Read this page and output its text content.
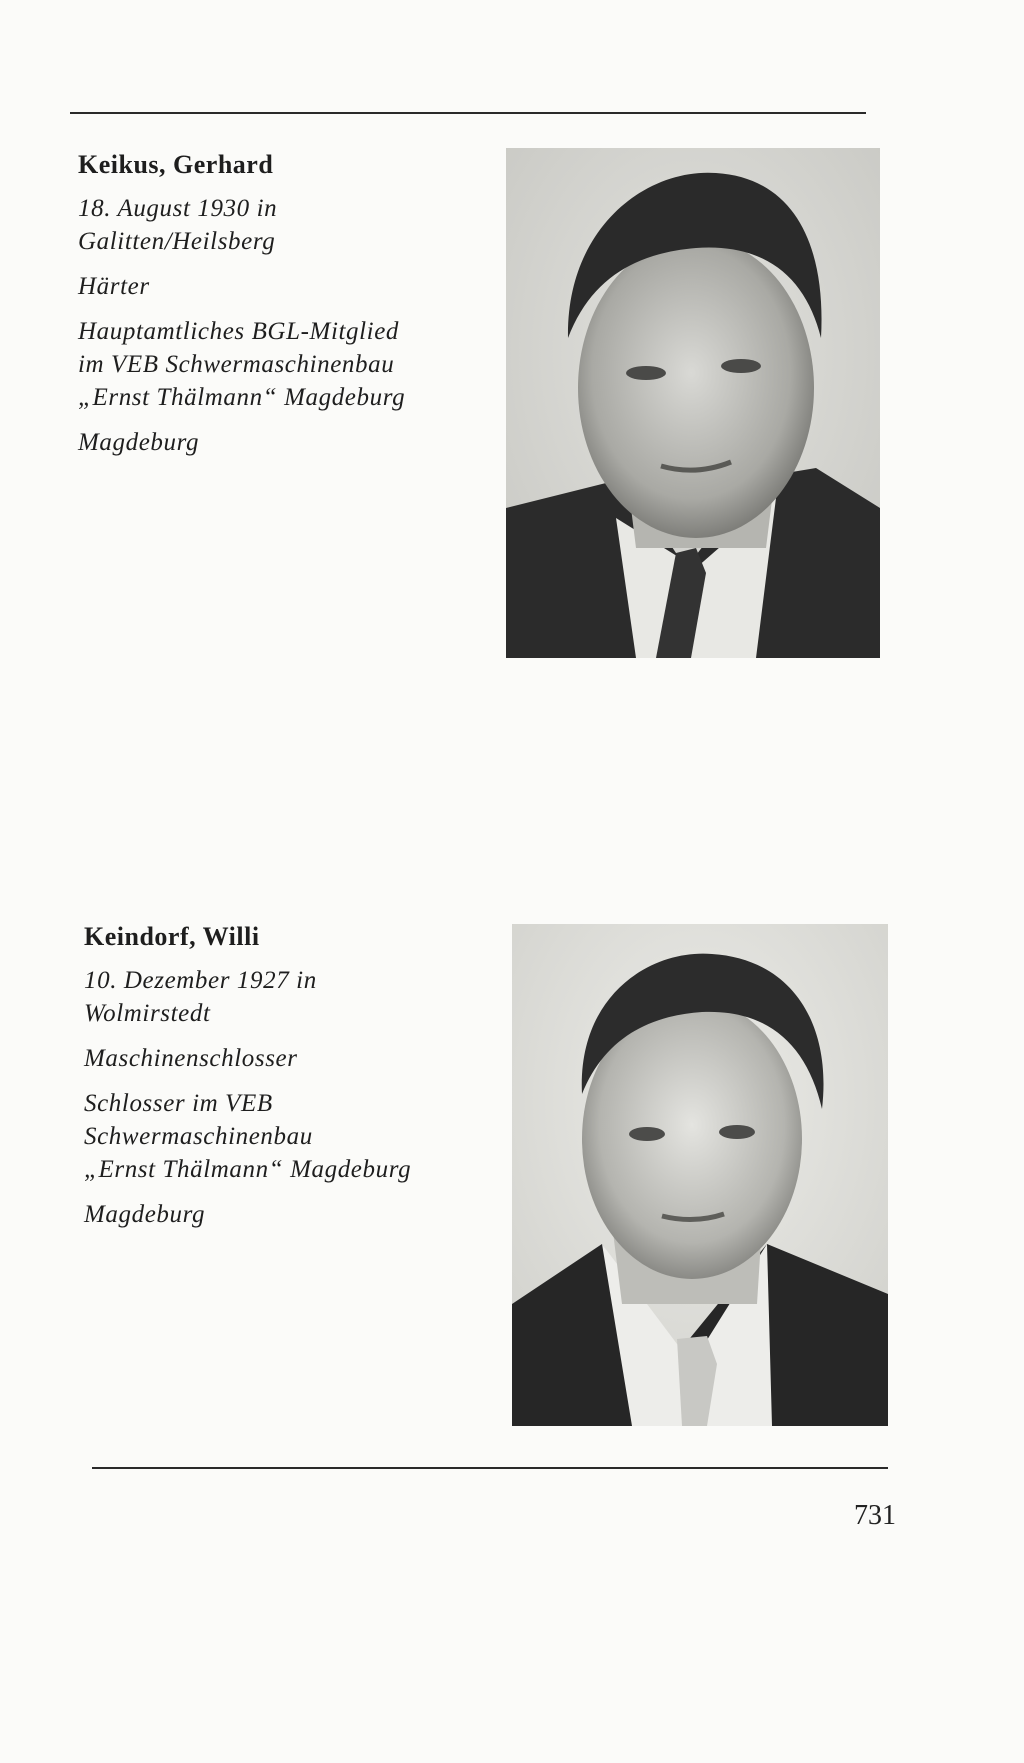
Keikus, Gerhard

18. August 1930 in
Galitten/Heilsberg

Härter

Hauptamtliches BGL-Mitglied
im VEB Schwermaschinenbau
„Ernst Thälmann“ Magdeburg

Magdeburg

Keindorf, Willi

10. Dezember 1927 in
Wolmirstedt

Maschinenschlosser

Schlosser im VEB
Schwermaschinenbau
„Ernst Thälmann“ Magdeburg

Magdeburg

731
